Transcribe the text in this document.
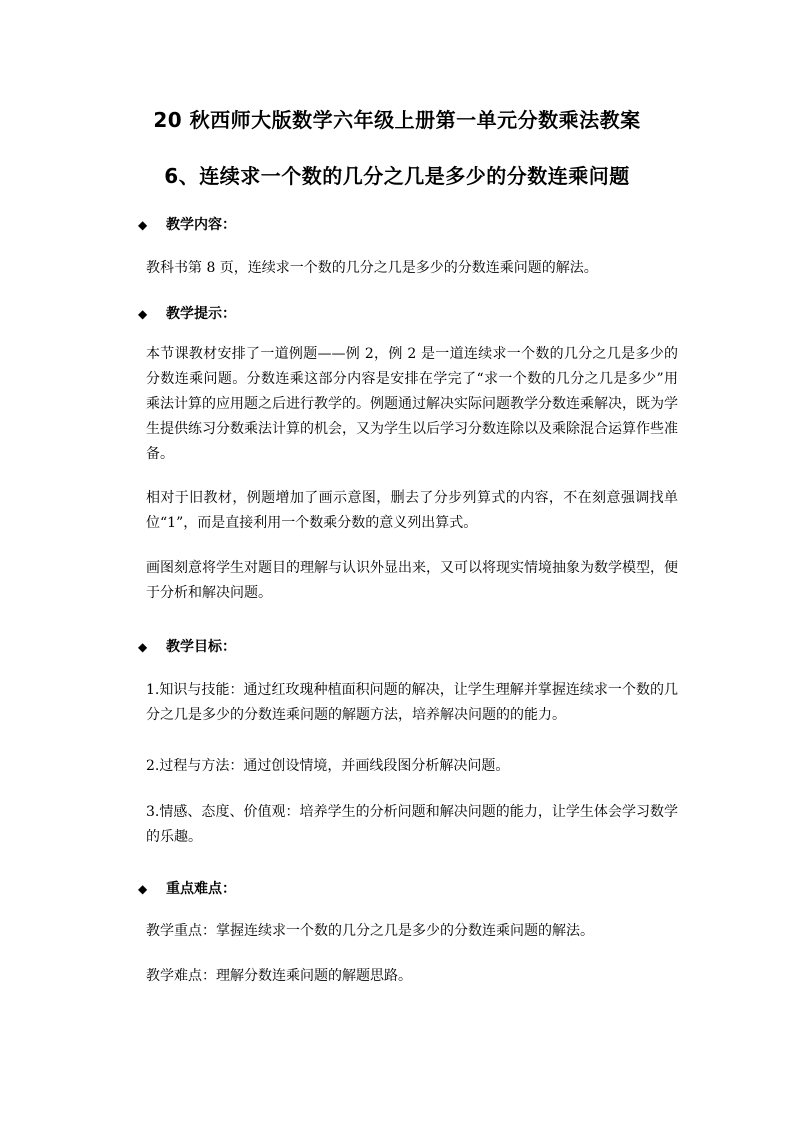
20 秋西师大版数学六年级上册第一单元分数乘法教案
6、连续求一个数的几分之几是多少的分数连乘问题
◆ 教学内容：
教科书第 8 页，连续求一个数的几分之几是多少的分数连乘问题的解法。
◆ 教学提示：
本节课教材安排了一道例题——例 2，例 2 是一道连续求一个数的几分之几是多少的分数连乘问题。分数连乘这部分内容是安排在学完了“求一个数的几分之几是多少”用乘法计算的应用题之后进行教学的。例题通过解决实际问题教学分数连乘解决，既为学生提供练习分数乘法计算的机会，又为学生以后学习分数连除以及乘除混合运算作些准备。
相对于旧教材，例题增加了画示意图，删去了分步列算式的内容，不在刻意强调找单位“1”，而是直接利用一个数乘分数的意义列出算式。
画图刻意将学生对题目的理解与认识外显出来，又可以将现实情境抽象为数学模型，便于分析和解决问题。
◆ 教学目标：
1.知识与技能：通过红玫瑰种植面积问题的解决，让学生理解并掌握连续求一个数的几分之几是多少的分数连乘问题的解题方法，培养解决问题的的能力。
2.过程与方法：通过创设情境，并画线段图分析解决问题。
3.情感、态度、价值观：培养学生的分析问题和解决问题的能力，让学生体会学习数学的乐趣。
◆ 重点难点：
教学重点：掌握连续求一个数的几分之几是多少的分数连乘问题的解法。
教学难点：理解分数连乘问题的解题思路。
